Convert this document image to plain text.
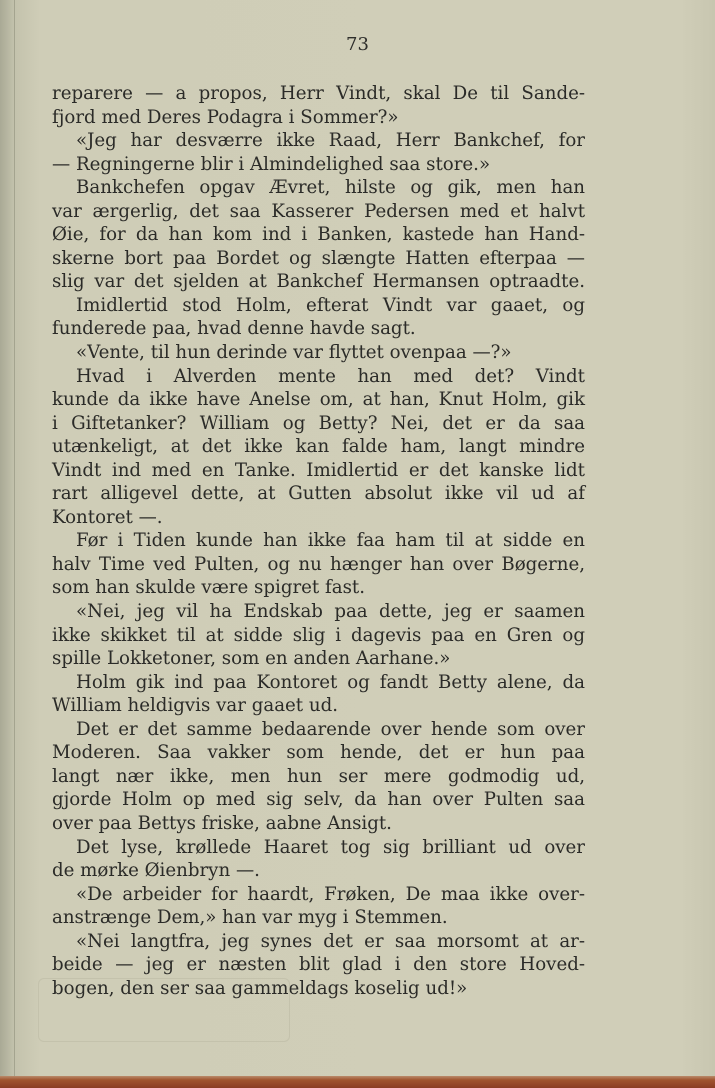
73
reparere — a propos, Herr Vindt, skal De til Sande-
fjord med Deres Podagra i Sommer?»
«Jeg har desværre ikke Raad, Herr Bankchef, for
— Regningerne blir i Almindelighed saa store.»
Bankchefen opgav Ævret, hilste og gik, men han
var ærgerlig, det saa Kasserer Pedersen med et halvt
Øie, for da han kom ind i Banken, kastede han Hand-
skerne bort paa Bordet og slængte Hatten efterpaa —
slig var det sjelden at Bankchef Hermansen optraadte.
Imidlertid stod Holm, efterat Vindt var gaaet, og
funderede paa, hvad denne havde sagt.
«Vente, til hun derinde var flyttet ovenpaa —?»
Hvad i Alverden mente han med det? Vindt
kunde da ikke have Anelse om, at han, Knut Holm, gik
i Giftetanker? William og Betty? Nei, det er da saa
utænkeligt, at det ikke kan falde ham, langt mindre
Vindt ind med en Tanke. Imidlertid er det kanske lidt
rart alligevel dette, at Gutten absolut ikke vil ud af
Kontoret —.
Før i Tiden kunde han ikke faa ham til at sidde en
halv Time ved Pulten, og nu hænger han over Bøgerne,
som han skulde være spigret fast.
«Nei, jeg vil ha Endskab paa dette, jeg er saamen
ikke skikket til at sidde slig i dagevis paa en Gren og
spille Lokketoner, som en anden Aarhane.»
Holm gik ind paa Kontoret og fandt Betty alene, da
William heldigvis var gaaet ud.
Det er det samme bedaarende over hende som over
Moderen. Saa vakker som hende, det er hun paa
langt nær ikke, men hun ser mere godmodig ud,
gjorde Holm op med sig selv, da han over Pulten saa
over paa Bettys friske, aabne Ansigt.
Det lyse, krøllede Haaret tog sig brilliant ud over
de mørke Øienbryn —.
«De arbeider for haardt, Frøken, De maa ikke over-
anstrænge Dem,» han var myg i Stemmen.
«Nei langtfra, jeg synes det er saa morsomt at ar-
beide — jeg er næsten blit glad i den store Hoved-
bogen, den ser saa gammeldags koselig ud!»
